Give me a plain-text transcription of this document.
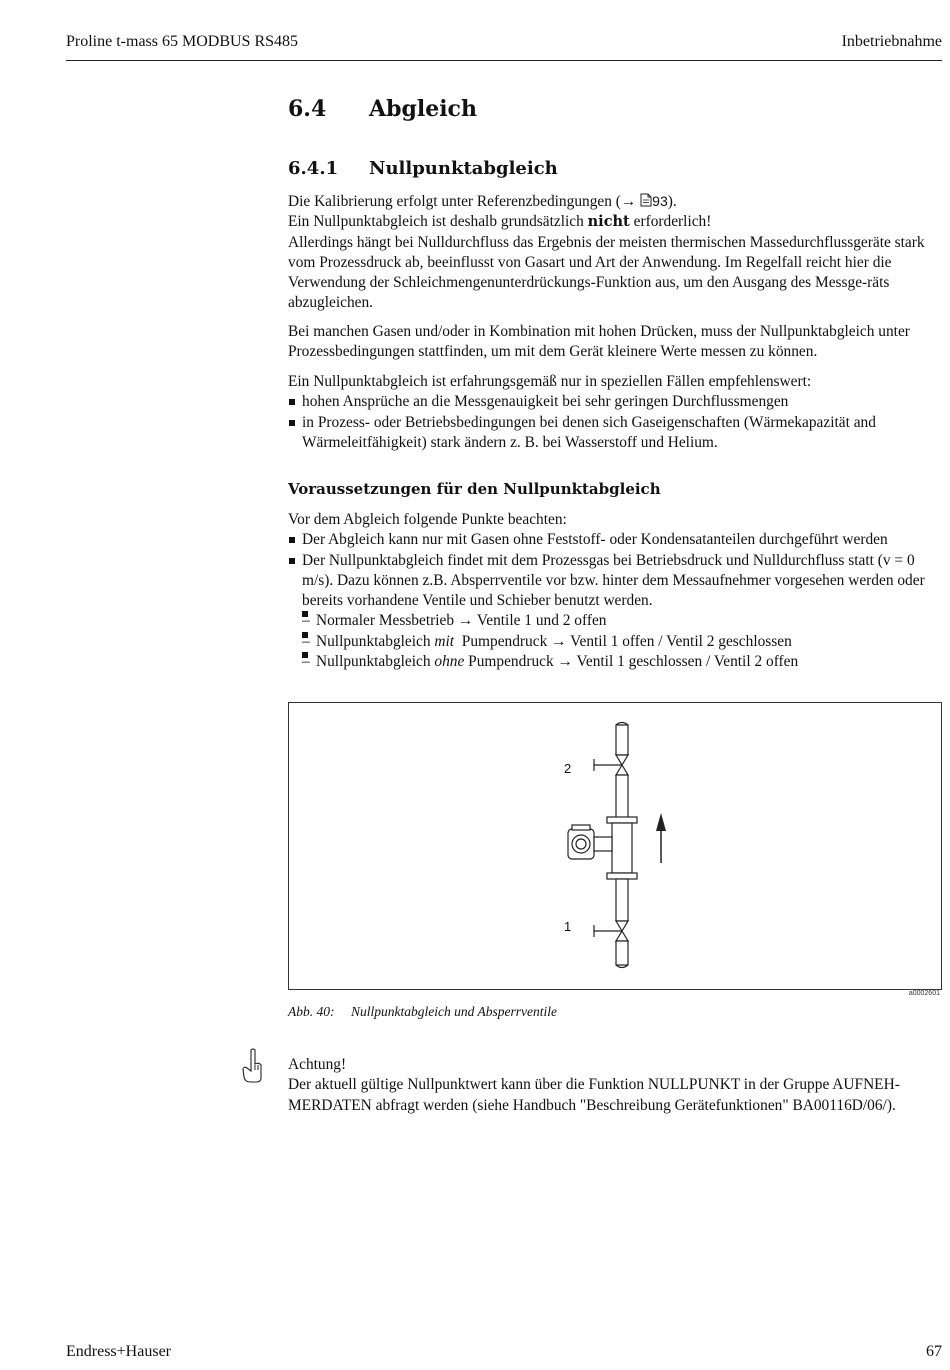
Proline t-mass 65 MODBUS RS485	Inbetriebnahme
6.4 Abgleich
6.4.1 Nullpunktabgleich

Die Kalibrierung erfolgt unter Referenzbedingungen (→ 93).

Ein Nullpunktabgleich ist deshalb grundsätzlich nicht erforderlich!

Allerdings hängt bei Nulldurchfluss das Ergebnis der meisten thermischen Massedurchflussgeräte stark vom Prozessdruck ab, beeinflusst von Gasart und Art der Anwendung. Im Regelfall reicht hier die Verwendung der Schleichmengenunterdrückungs-Funktion aus, um den Ausgang des Messge-räts abzugleichen.

Bei manchen Gasen und/oder in Kombination mit hohen Drücken, muss der Nullpunktabgleich unter Prozessbedingungen stattfinden, um mit dem Gerät kleinere Werte messen zu können.

Ein Nullpunktabgleich ist erfahrungsgemäß nur in speziellen Fällen empfehlenswert:

hohen Ansprüche an die Messgenauigkeit bei sehr geringen Durchflussmengen
in Prozess- oder Betriebsbedingungen bei denen sich Gaseigenschaften (Wärmekapazität and Wärmeleitfähigkeit) stark ändern z. B. bei Wasserstoff und Helium.
Voraussetzungen für den Nullpunktabgleich

Vor dem Abgleich folgende Punkte beachten:

Der Abgleich kann nur mit Gasen ohne Feststoff- oder Kondensatanteilen durchgeführt werden
Der Nullpunktabgleich findet mit dem Prozessgas bei Betriebsdruck und Nulldurchfluss statt (v = 0 m/s). Dazu können z.B. Absperrventile vor bzw. hinter dem Messaufnehmer vorgesehen werden oder bereits vorhandene Ventile und Schieber benutzt werden.
– Normaler Messbetrieb → Ventile 1 und 2 offen
– Nullpunktabgleich mit  Pumpendruck → Ventil 1 offen / Ventil 2 geschlossen
– Nullpunktabgleich ohne Pumpendruck → Ventil 1 geschlossen / Ventil 2 offen
2
1
a0002601
Abb. 40: Nullpunktabgleich und Absperrventile

Achtung!

Der aktuell gültige Nullpunktwert kann über die Funktion NULLPUNKT in der Gruppe AUFNEH-MERDATEN abfragt werden (siehe Handbuch "Beschreibung Gerätefunktionen" BA00116D/06/).

Endress+Hauser	67
